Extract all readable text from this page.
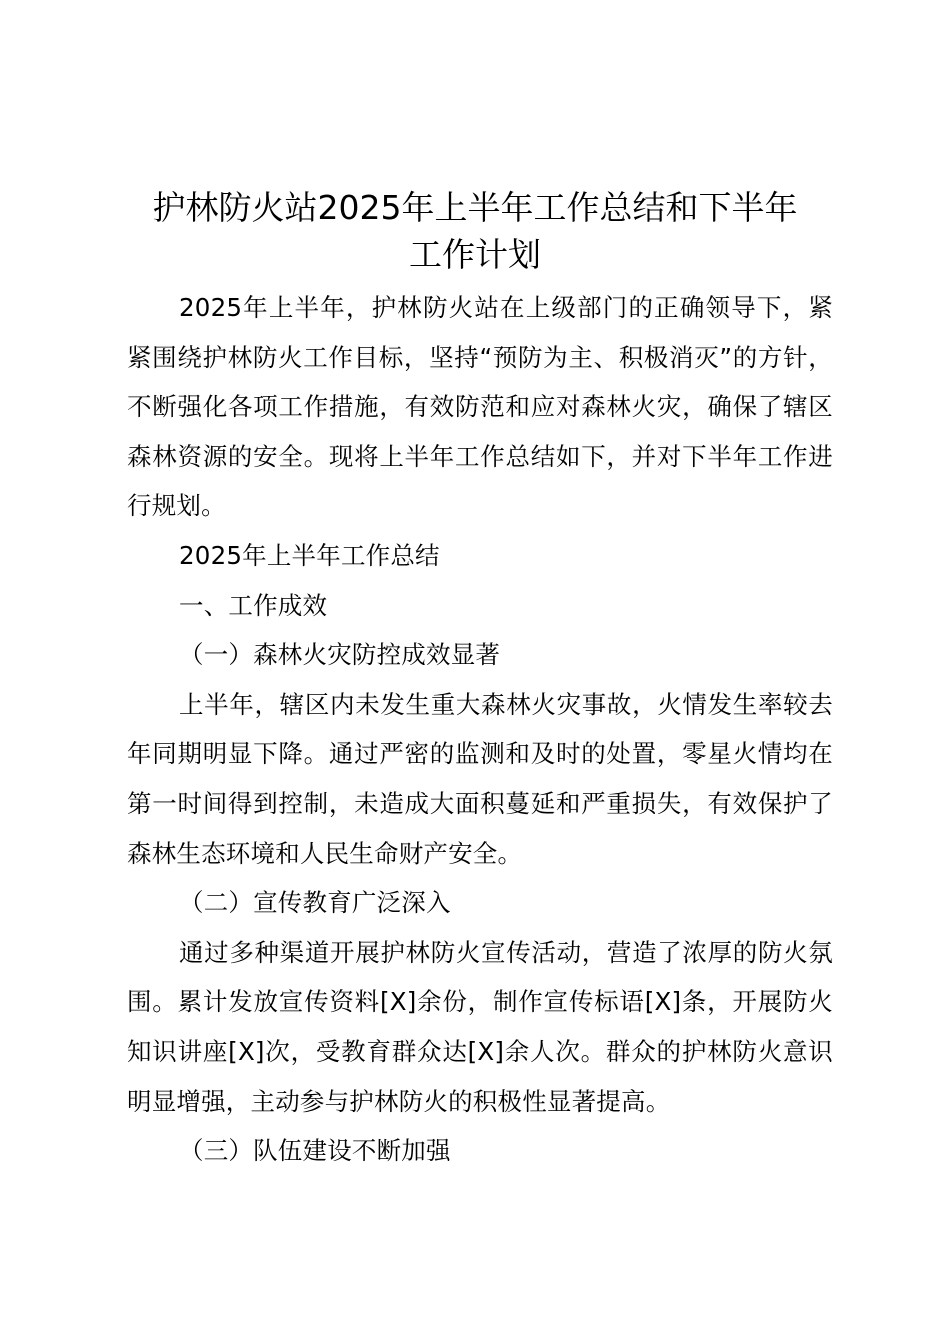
护林防火站2025年上半年工作总结和下半年
工作计划

2025年上半年，护林防火站在上级部门的正确领导下，紧紧围绕护林防火工作目标，坚持“预防为主、积极消灭”的方针，不断强化各项工作措施，有效防范和应对森林火灾，确保了辖区森林资源的安全。现将上半年工作总结如下，并对下半年工作进行规划。

2025年上半年工作总结

一、工作成效

（一）森林火灾防控成效显著

上半年，辖区内未发生重大森林火灾事故，火情发生率较去年同期明显下降。通过严密的监测和及时的处置，零星火情均在第一时间得到控制，未造成大面积蔓延和严重损失，有效保护了森林生态环境和人民生命财产安全。

（二）宣传教育广泛深入

通过多种渠道开展护林防火宣传活动，营造了浓厚的防火氛围。累计发放宣传资料[X]余份，制作宣传标语[X]条，开展防火知识讲座[X]次，受教育群众达[X]余人次。群众的护林防火意识明显增强，主动参与护林防火的积极性显著提高。

（三）队伍建设不断加强
